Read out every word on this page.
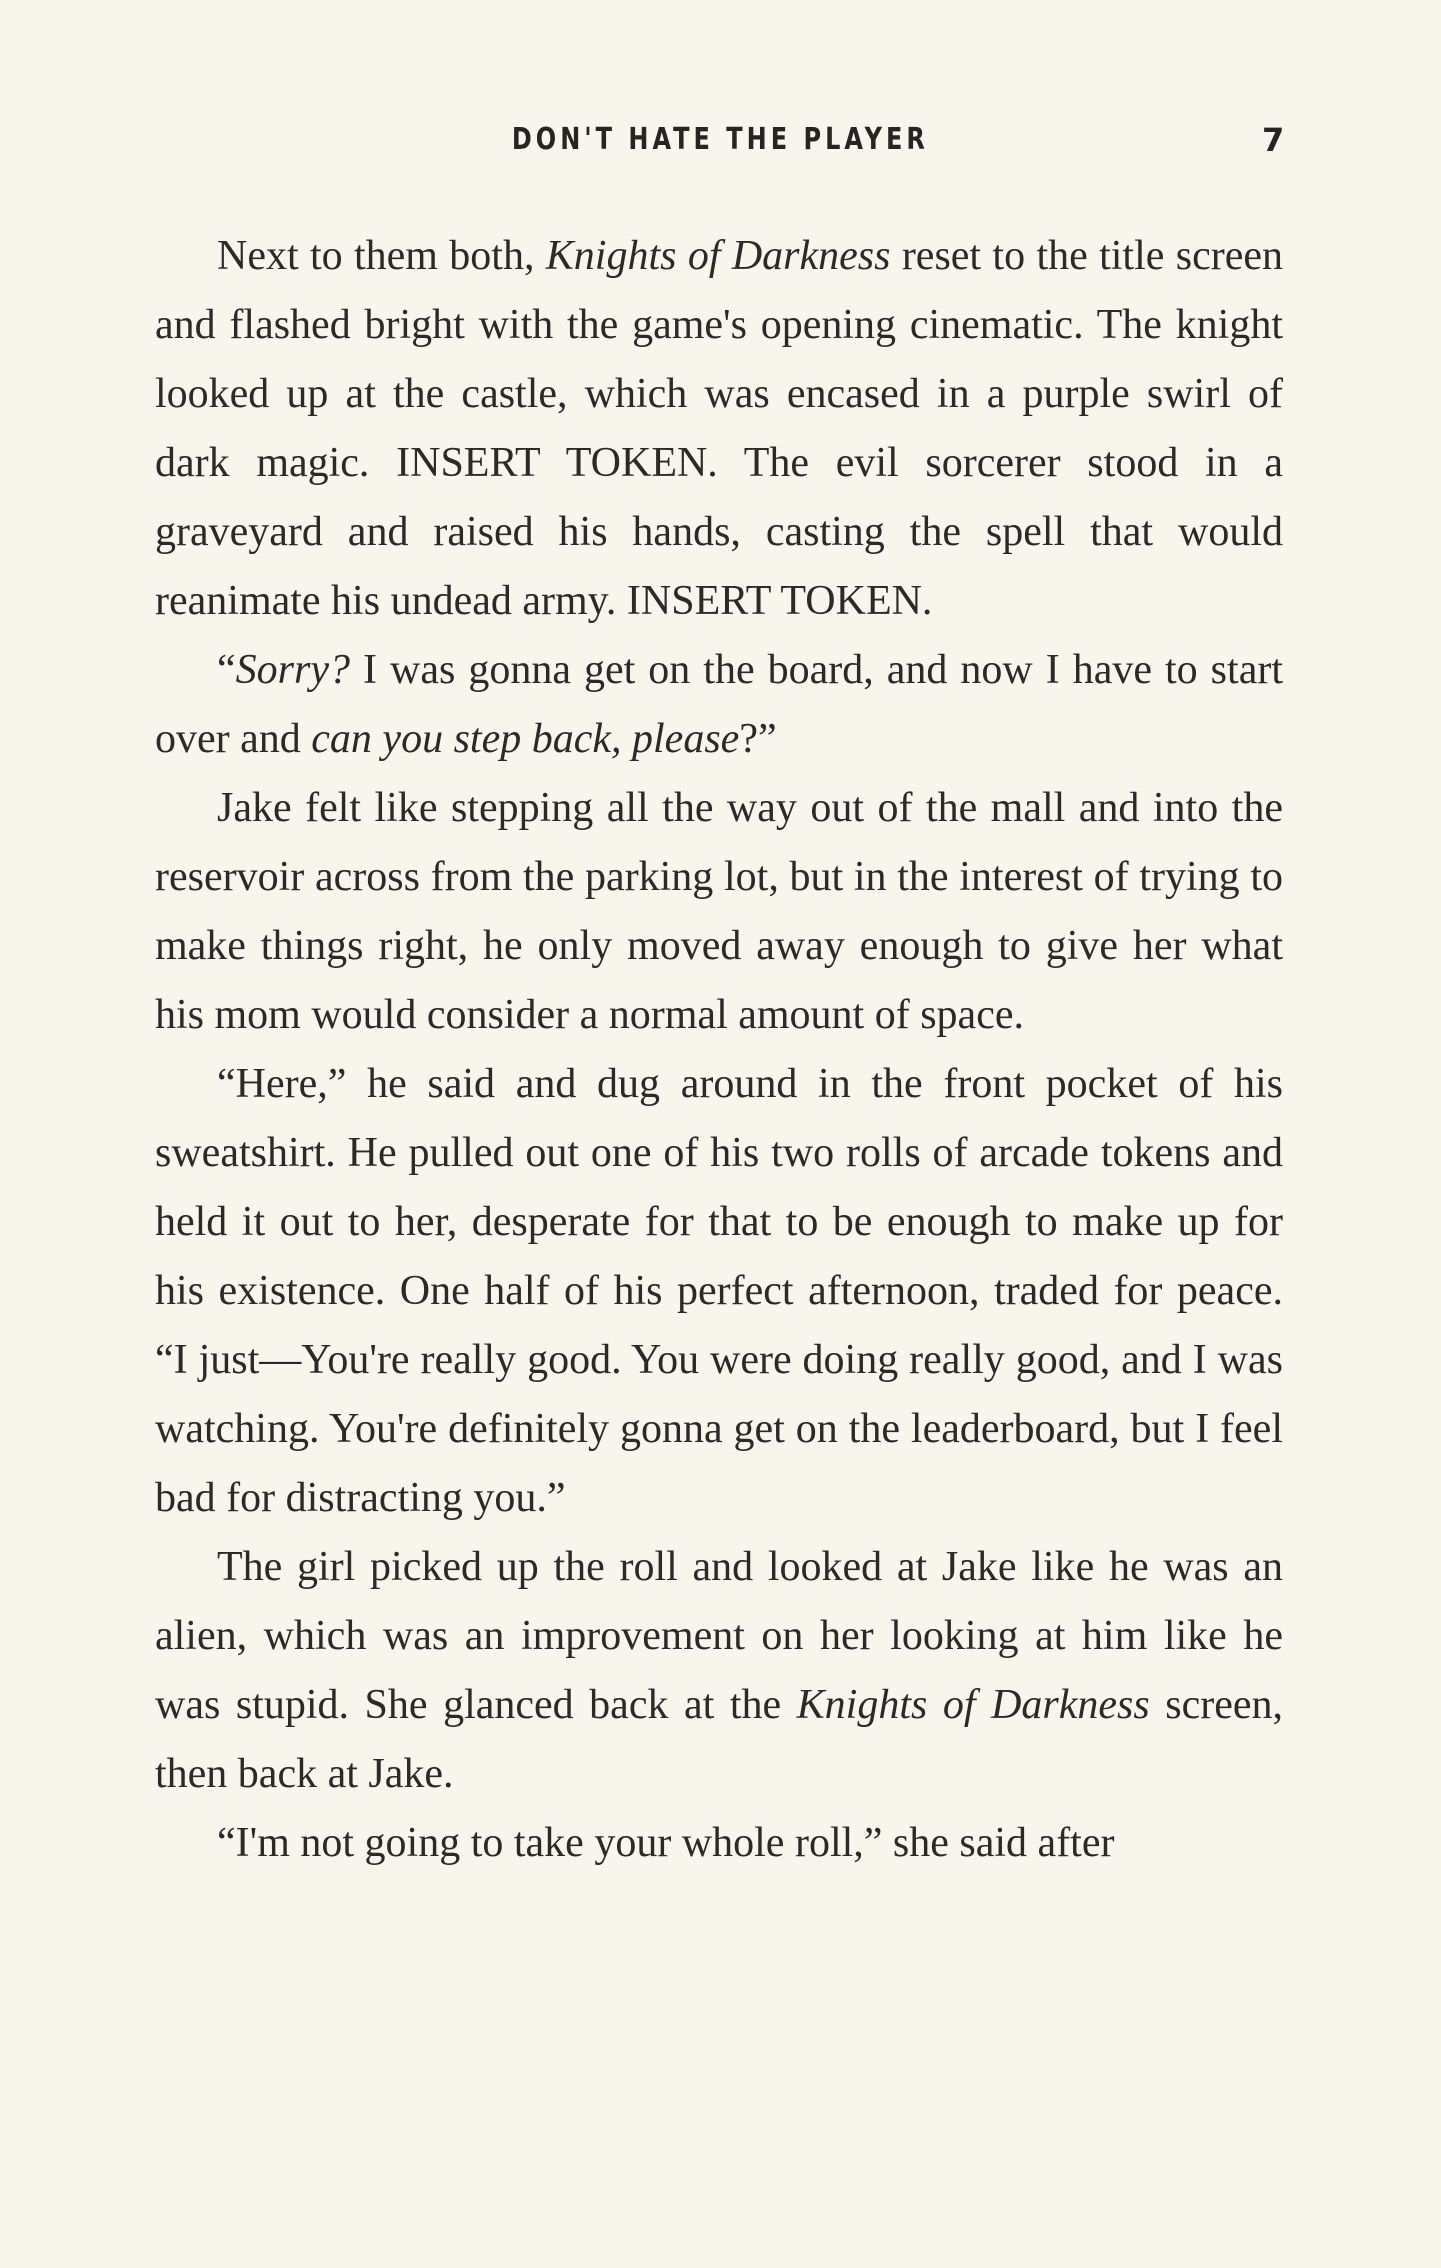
DON'T HATE THE PLAYER	7

Next to them both, Knights of Darkness reset to the title screen and flashed bright with the game's opening cinematic. The knight looked up at the castle, which was encased in a purple swirl of dark magic. INSERT TOKEN. The evil sorcerer stood in a graveyard and raised his hands, casting the spell that would reanimate his undead army. INSERT TOKEN.

“Sorry? I was gonna get on the board, and now I have to start over and can you step back, please?”

Jake felt like stepping all the way out of the mall and into the reservoir across from the parking lot, but in the interest of trying to make things right, he only moved away enough to give her what his mom would consider a normal amount of space.

“Here,” he said and dug around in the front pocket of his sweatshirt. He pulled out one of his two rolls of arcade tokens and held it out to her, desperate for that to be enough to make up for his existence. One half of his perfect afternoon, traded for peace. “I just—You're really good. You were doing really good, and I was watching. You're definitely gonna get on the leaderboard, but I feel bad for distracting you.”

The girl picked up the roll and looked at Jake like he was an alien, which was an improvement on her looking at him like he was stupid. She glanced back at the Knights of Darkness screen, then back at Jake.

“I'm not going to take your whole roll,” she said after
